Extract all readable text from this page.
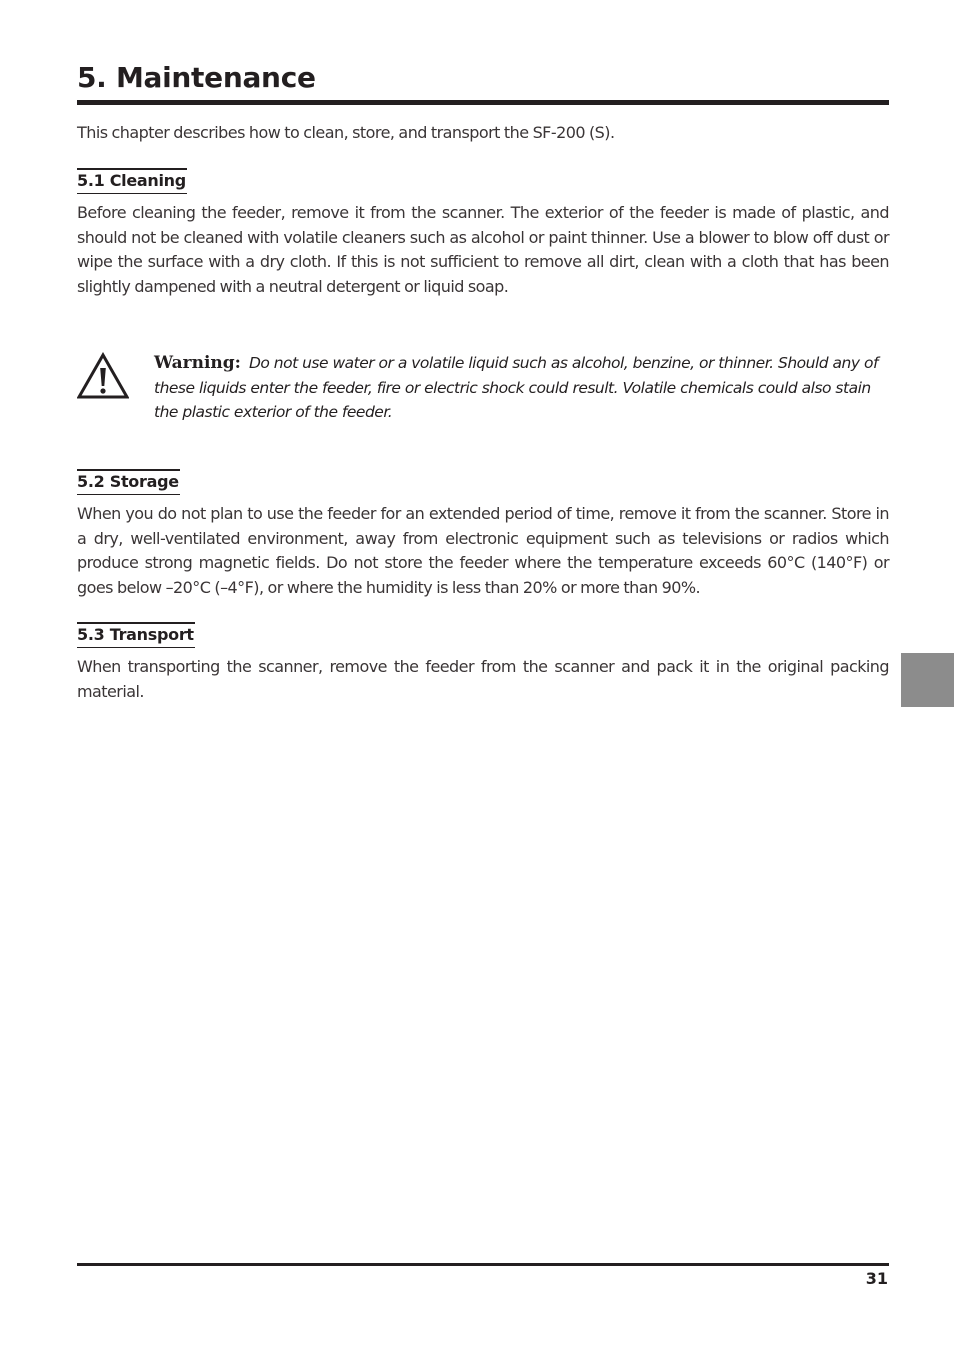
5. Maintenance

This chapter describes how to clean, store, and transport the SF-200 (S).

5.1 Cleaning

Before cleaning the feeder, remove it from the scanner. The exterior of the feeder is made of plastic, and should not be cleaned with volatile cleaners such as alcohol or paint thinner. Use a blower to blow off dust or wipe the surface with a dry cloth. If this is not sufficient to remove all dirt, clean with a cloth that has been slightly dampened with a neutral detergent or liquid soap.

Warning: Do not use water or a volatile liquid such as alcohol, benzine, or thinner. Should any of these liquids enter the feeder, fire or electric shock could result. Volatile chemicals could also stain the plastic exterior of the feeder.

5.2 Storage

When you do not plan to use the feeder for an extended period of time, remove it from the scanner. Store in a dry, well-ventilated environment, away from electronic equipment such as televisions or radios which produce strong magnetic fields. Do not store the feeder where the temperature exceeds 60°C (140°F) or goes below –20°C (–4°F), or where the humidity is less than 20% or more than 90%.

5.3 Transport

When transporting the scanner, remove the feeder from the scanner and pack it in the original packing material.

31
